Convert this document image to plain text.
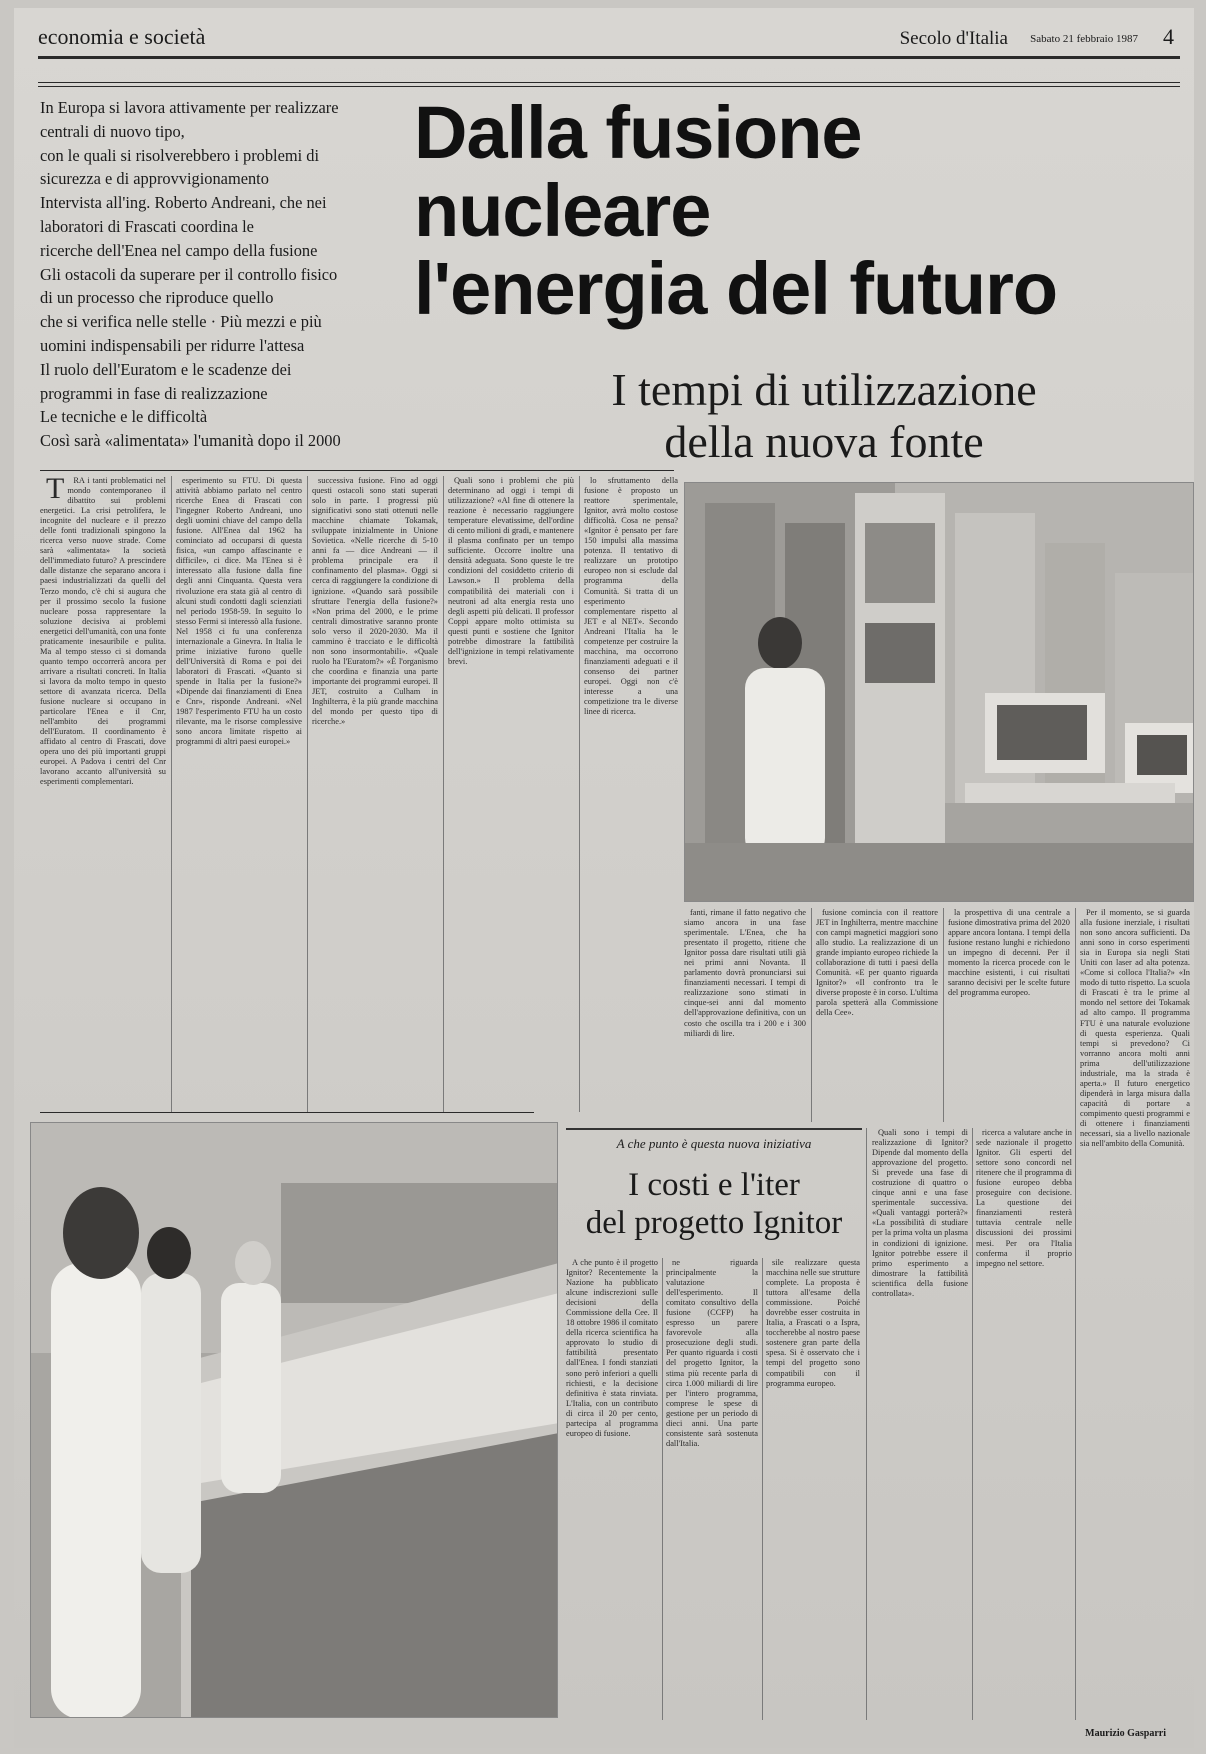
economia e società	Secolo d'Italia Sabato 21 febbraio 1987 4
In Europa si lavora attivamente per realizzare
centrali di nuovo tipo,
con le quali si risolverebbero i problemi di
sicurezza e di approvvigionamento
Intervista all'ing. Roberto Andreani, che nei
laboratori di Frascati coordina le
ricerche dell'Enea nel campo della fusione
Gli ostacoli da superare per il controllo fisico
di un processo che riproduce quello
che si verifica nelle stelle · Più mezzi e più
uomini indispensabili per ridurre l'attesa
Il ruolo dell'Euratom e le scadenze dei
programmi in fase di realizzazione
Le tecniche e le difficoltà
Così sarà «alimentata» l'umanità dopo il 2000
Dalla fusione
nucleare
l'energia del futuro
I tempi di utilizzazione
della nuova fonte

T RA i tanti problematici nel mondo contemporaneo il dibattito sui problemi energetici. La crisi petrolifera, le incognite del nucleare e il prezzo delle fonti tradizionali spingono la ricerca verso nuove strade. Come sarà «alimentata» la società dell'immediato futuro? A prescindere dalle distanze che separano ancora i paesi industrializzati da quelli del Terzo mondo, c'è chi si augura che per il prossimo secolo la fusione nucleare possa rappresentare la soluzione decisiva ai problemi energetici dell'umanità, con una fonte praticamente inesauribile e pulita. Ma al tempo stesso ci si domanda quanto tempo occorrerà ancora per arrivare a risultati concreti. In Italia si lavora da molto tempo in questo settore di avanzata ricerca. Della fusione nucleare si occupano in particolare l'Enea e il Cnr, nell'ambito dei programmi dell'Euratom. Il coordinamento è affidato al centro di Frascati, dove opera uno dei più importanti gruppi europei. A Padova i centri del Cnr lavorano accanto all'università su esperimenti complementari.

esperimento su FTU. Di questa attività abbiamo parlato nel centro ricerche Enea di Frascati con l'ingegner Roberto Andreani, uno degli uomini chiave del campo della fusione. All'Enea dal 1962 ha cominciato ad occuparsi di questa fisica, «un campo affascinante e difficile», ci dice. Ma l'Enea si è interessato alla fusione dalla fine degli anni Cinquanta. Questa vera rivoluzione era stata già al centro di alcuni studi condotti dagli scienziati nel periodo 1958-59. In seguito lo stesso Fermi si interessò alla fusione. Nel 1958 ci fu una conferenza internazionale a Ginevra. In Italia le prime iniziative furono quelle dell'Università di Roma e poi dei laboratori di Frascati. «Quanto si spende in Italia per la fusione?» «Dipende dai finanziamenti di Enea e Cnr», risponde Andreani. «Nel 1987 l'esperimento FTU ha un costo rilevante, ma le risorse complessive sono ancora limitate rispetto ai programmi di altri paesi europei.»

successiva fusione. Fino ad oggi questi ostacoli sono stati superati solo in parte. I progressi più significativi sono stati ottenuti nelle macchine chiamate Tokamak, sviluppate inizialmente in Unione Sovietica. «Nelle ricerche di 5-10 anni fa — dice Andreani — il problema principale era il confinamento del plasma». Oggi si cerca di raggiungere la condizione di ignizione. «Quando sarà possibile sfruttare l'energia della fusione?» «Non prima del 2000, e le prime centrali dimostrative saranno pronte solo verso il 2020-2030. Ma il cammino è tracciato e le difficoltà non sono insormontabili». «Quale ruolo ha l'Euratom?» «È l'organismo che coordina e finanzia una parte importante dei programmi europei. Il JET, costruito a Culham in Inghilterra, è la più grande macchina del mondo per questo tipo di ricerche.»

Quali sono i problemi che più determinano ad oggi i tempi di utilizzazione? «Al fine di ottenere la reazione è necessario raggiungere temperature elevatissime, dell'ordine di cento milioni di gradi, e mantenere il plasma confinato per un tempo sufficiente. Occorre inoltre una densità adeguata. Sono queste le tre condizioni del cosiddetto criterio di Lawson.» Il problema della compatibilità dei materiali con i neutroni ad alta energia resta uno degli aspetti più delicati. Il professor Coppi appare molto ottimista su questi punti e sostiene che Ignitor potrebbe dimostrare la fattibilità dell'ignizione in tempi relativamente brevi.

lo sfruttamento della fusione è proposto un reattore sperimentale, Ignitor, avrà molto costose difficoltà. Cosa ne pensa? «Ignitor è pensato per fare 150 impulsi alla massima potenza. Il tentativo di realizzare un prototipo europeo non si esclude dal programma della Comunità. Si tratta di un esperimento complementare rispetto al JET e al NET». Secondo Andreani l'Italia ha le competenze per costruire la macchina, ma occorrono finanziamenti adeguati e il consenso dei partner europei. Oggi non c'è interesse a una competizione tra le diverse linee di ricerca.

fanti, rimane il fatto negativo che siamo ancora in una fase sperimentale. L'Enea, che ha presentato il progetto, ritiene che Ignitor possa dare risultati utili già nei primi anni Novanta. Il parlamento dovrà pronunciarsi sui finanziamenti necessari. I tempi di realizzazione sono stimati in cinque-sei anni dal momento dell'approvazione definitiva, con un costo che oscilla tra i 200 e i 300 miliardi di lire.

fusione comincia con il reattore JET in Inghilterra, mentre macchine con campi magnetici maggiori sono allo studio. La realizzazione di un grande impianto europeo richiede la collaborazione di tutti i paesi della Comunità. «E per quanto riguarda Ignitor?» «Il confronto tra le diverse proposte è in corso. L'ultima parola spetterà alla Commissione della Cee».

la prospettiva di una centrale a fusione dimostrativa prima del 2020 appare ancora lontana. I tempi della fusione restano lunghi e richiedono un impegno di decenni. Per il momento la ricerca procede con le macchine esistenti, i cui risultati saranno decisivi per le scelte future del programma europeo.

Per il momento, se si guarda alla fusione inerziale, i risultati non sono ancora sufficienti. Da anni sono in corso esperimenti sia in Europa sia negli Stati Uniti con laser ad alta potenza. «Come si colloca l'Italia?» «In modo di tutto rispetto. La scuola di Frascati è tra le prime al mondo nel settore dei Tokamak ad alto campo. Il programma FTU è una naturale evoluzione di questa esperienza. Quali tempi si prevedono? Ci vorranno ancora molti anni prima dell'utilizzazione industriale, ma la strada è aperta.» Il futuro energetico dipenderà in larga misura dalla capacità di portare a compimento questi programmi e di ottenere i finanziamenti necessari, sia a livello nazionale sia nell'ambito della Comunità.

A che punto è questa nuova iniziativa
I costi e l'iter
del progetto Ignitor

A che punto è il progetto Ignitor? Recentemente la Nazione ha pubblicato alcune indiscrezioni sulle decisioni della Commissione della Cee. Il 18 ottobre 1986 il comitato della ricerca scientifica ha approvato lo studio di fattibilità presentato dall'Enea. I fondi stanziati sono però inferiori a quelli richiesti, e la decisione definitiva è stata rinviata. L'Italia, con un contributo di circa il 20 per cento, partecipa al programma europeo di fusione.

ne riguarda principalmente la valutazione dell'esperimento. Il comitato consultivo della fusione (CCFP) ha espresso un parere favorevole alla prosecuzione degli studi. Per quanto riguarda i costi del progetto Ignitor, la stima più recente parla di circa 1.000 miliardi di lire per l'intero programma, comprese le spese di gestione per un periodo di dieci anni. Una parte consistente sarà sostenuta dall'Italia.

sile realizzare questa macchina nelle sue strutture complete. La proposta è tuttora all'esame della commissione. Poiché dovrebbe esser costruita in Italia, a Frascati o a Ispra, toccherebbe al nostro paese sostenere gran parte della spesa. Si è osservato che i tempi del progetto sono compatibili con il programma europeo.

Quali sono i tempi di realizzazione di Ignitor? Dipende dal momento della approvazione del progetto. Si prevede una fase di costruzione di quattro o cinque anni e una fase sperimentale successiva. «Quali vantaggi porterà?» «La possibilità di studiare per la prima volta un plasma in condizioni di ignizione. Ignitor potrebbe essere il primo esperimento a dimostrare la fattibilità scientifica della fusione controllata».

ricerca a valutare anche in sede nazionale il progetto Ignitor. Gli esperti del settore sono concordi nel ritenere che il programma di fusione europeo debba proseguire con decisione. La questione dei finanziamenti resterà tuttavia centrale nelle discussioni dei prossimi mesi. Per ora l'Italia conferma il proprio impegno nel settore.

Maurizio Gasparri
